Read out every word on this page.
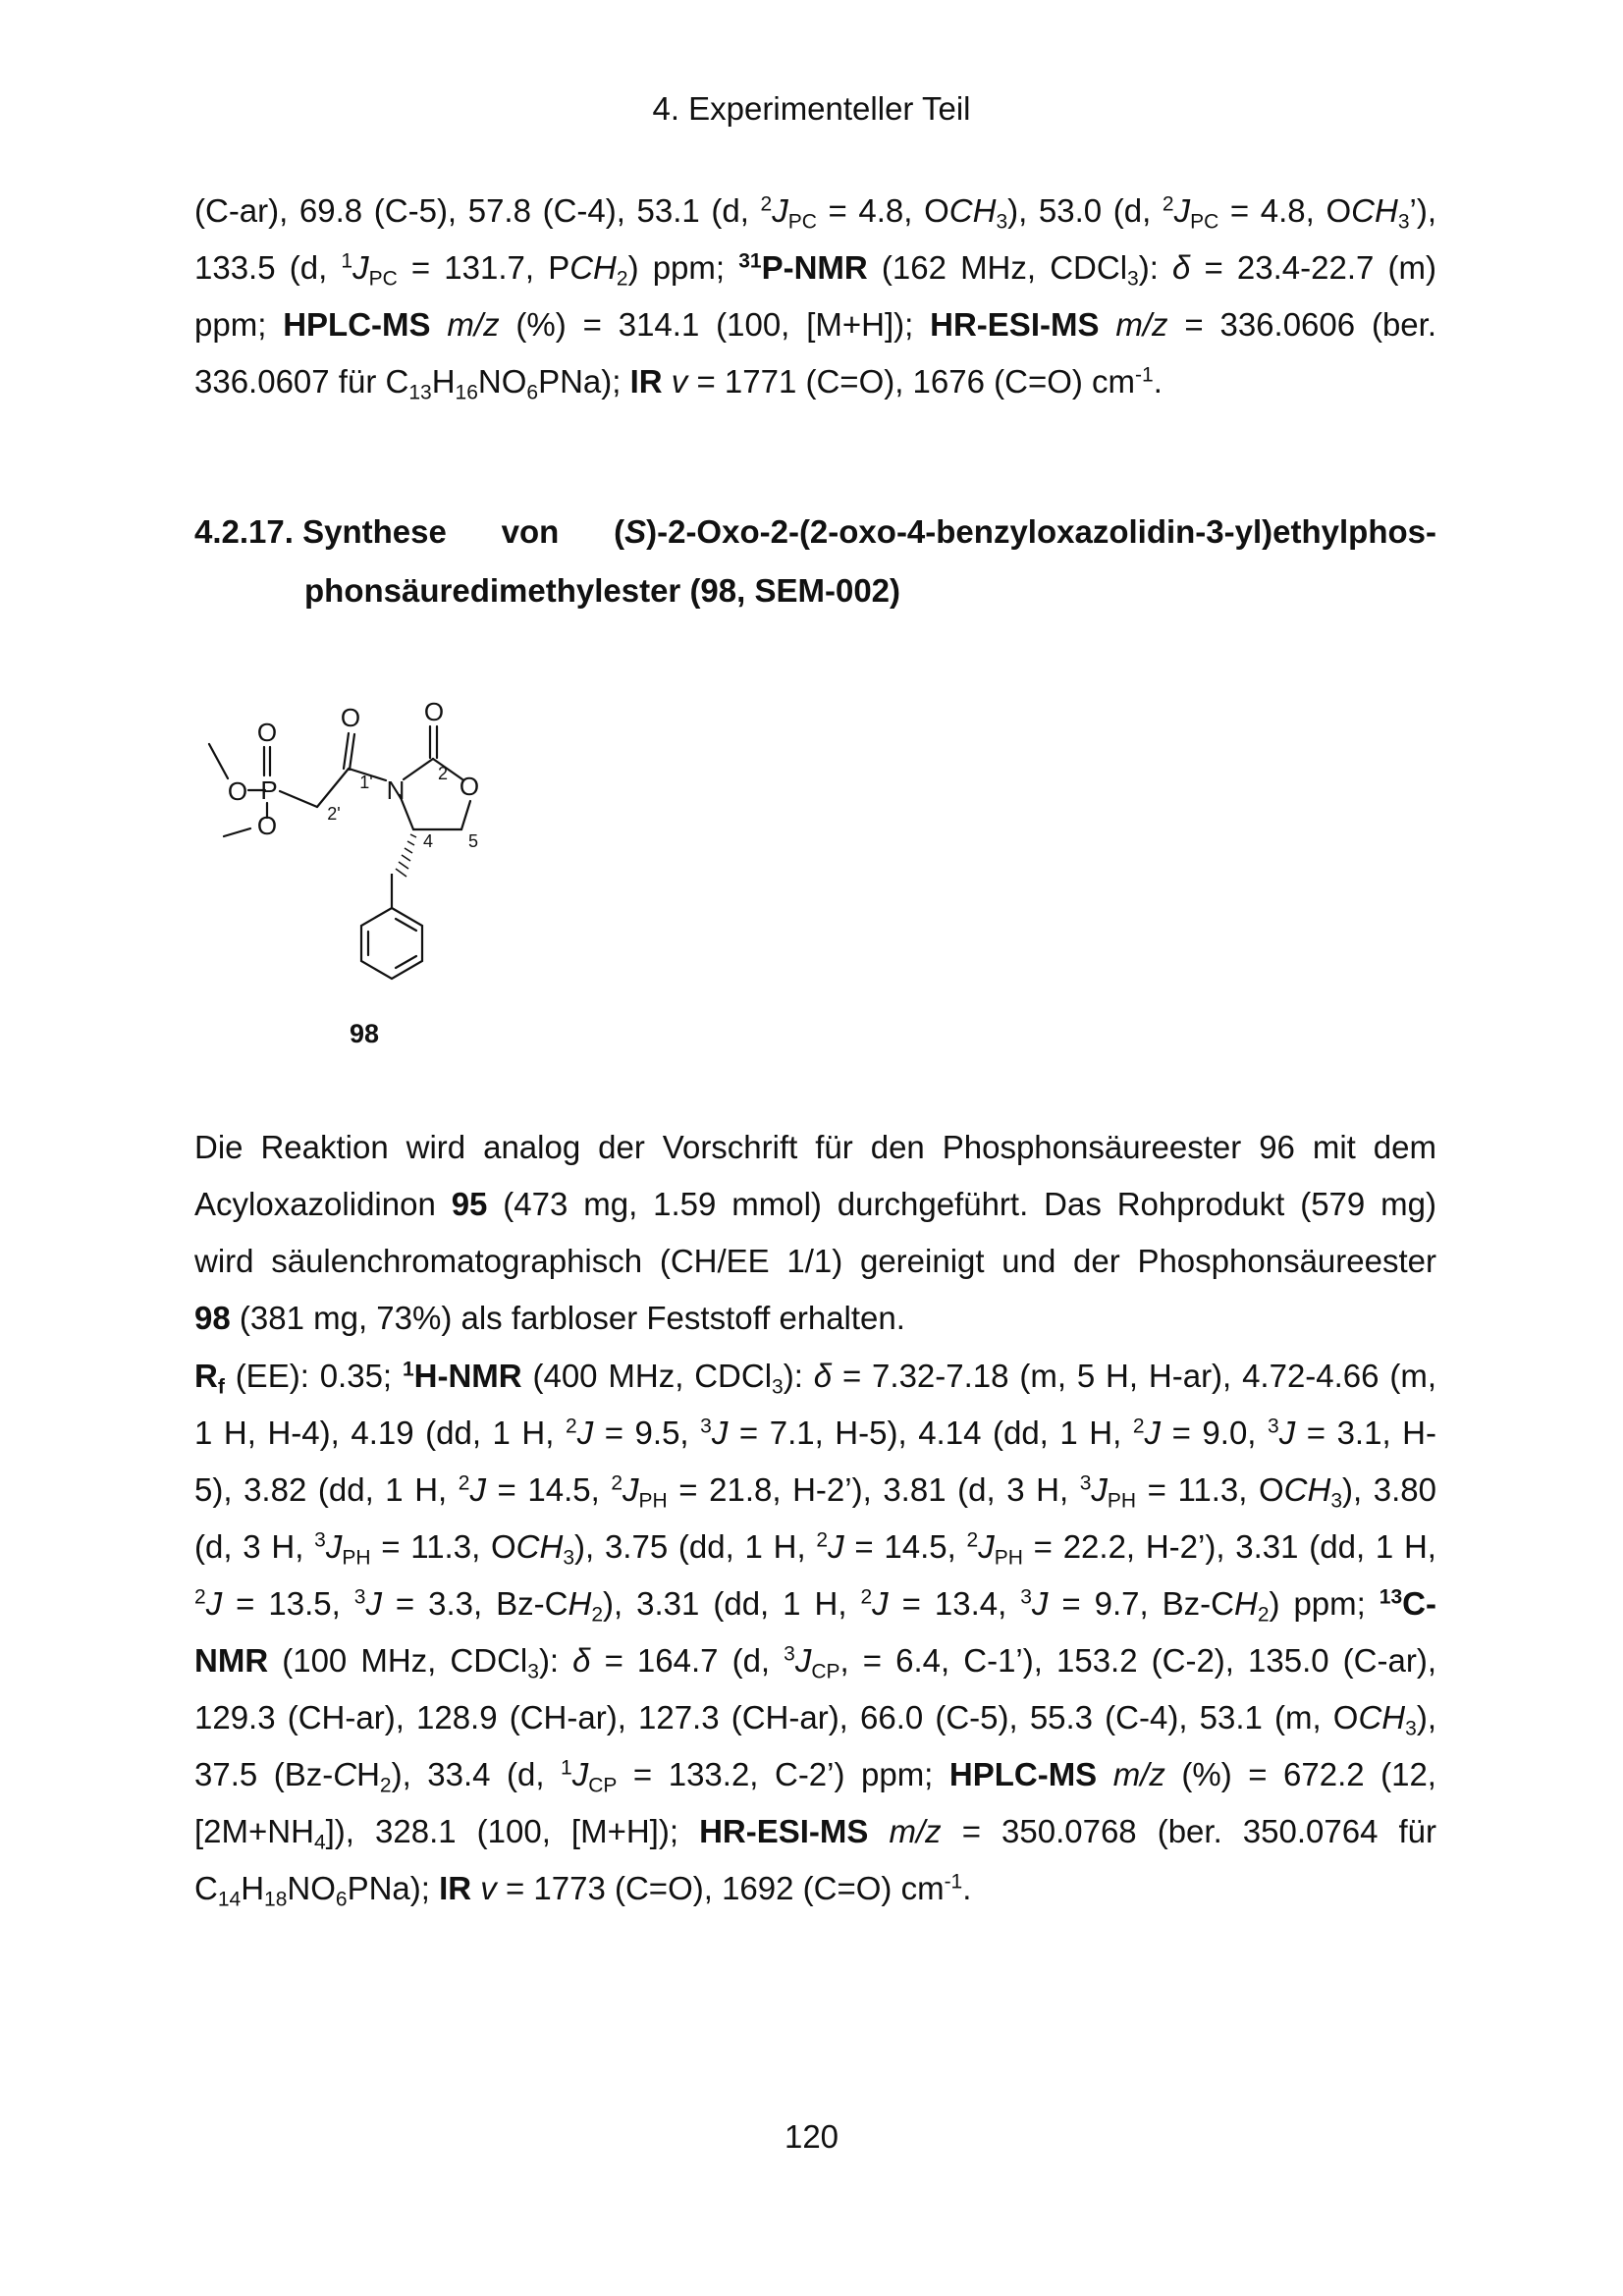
4. Experimenteller Teil
(C-ar), 69.8 (C-5), 57.8 (C-4), 53.1 (d, $^2J_{PC} = 4.8$, $OCH_3$), 53.0 (d, $^2J_{PC} = 4.8$, $OCH_3$’),
133.5 (d, $^1J_{PC} = 131.7$, $PCH_2$) ppm; $^{31}$P-NMR (162 MHz, CDCl$_3$): δ = 23.4-22.7 (m)
ppm; HPLC-MS m/z (%) = 314.1 (100, [M+H]); HR-ESI-MS m/z = 336.0606 (ber.
336.0607 für $C_{13}H_{16}NO_6PNa$); IR v = 1771 (C=O), 1676 (C=O) $cm^{-1}$.
4.2.17. Synthese von (S)-2-Oxo-2-(2-oxo-4-benzyloxazolidin-3-yl)ethylphos-
phonsäuredimethylester (98, SEM-002)
O O O
O
O
O
P	N
2
1'
2'
4 5
98
Die Reaktion wird analog der Vorschrift für den Phosphonsäureester 96 mit dem
Acyloxazolidinon 95 (473 mg, 1.59 mmol) durchgeführt. Das Rohprodukt (579 mg)
wird säulenchromatographisch (CH/EE 1/1) gereinigt und der Phosphonsäureester
98 (381 mg, 73%) als farbloser Feststoff erhalten.
$R_f$ (EE): 0.35; $^1$H-NMR (400 MHz, CDCl$_3$): δ = 7.32-7.18 (m, 5 H, H-ar), 4.72-4.66 (m,
1 H, H-4), 4.19 (dd, 1 H, $^2$J = 9.5, $^3$J = 7.1, H-5), 4.14 (dd, 1 H, $^2$J = 9.0, $^3$J = 3.1, H-
5), 3.82 (dd, 1 H, $^2$J = 14.5, $^2J_{PH} = 21.8$, H-2’), 3.81 (d, 3 H, $^3J_{PH} = 11.3$, $OCH_3$), 3.80
(d, 3 H, $^3J_{PH} = 11.3$, $OCH_3$), 3.75 (dd, 1 H, $^2$J = 14.5, $^2J_{PH} = 22.2$, H-2’), 3.31 (dd, 1 H,
$^2$J = 13.5, $^3$J = 3.3, $Bz-CH_2$), 3.31 (dd, 1 H, $^2$J = 13.4, $^3$J = 9.7, $Bz-CH_2$) ppm; $^{13}$C-
NMR (100 MHz, CDCl$_3$): δ = 164.7 (d, $^3J_{CP}$, = 6.4, C-1’), 153.2 (C-2), 135.0 (C-ar),
129.3 (CH-ar), 128.9 (CH-ar), 127.3 (CH-ar), 66.0 (C-5), 55.3 (C-4), 53.1 (m, $OCH_3$),
37.5 $(Bz-CH_2)$, 33.4 (d, $^1J_{CP} = 133.2$, C-2’) ppm; HPLC-MS m/z (%) = 672.2 (12,
$[2M+NH_4]$), 328.1 (100, [M+H]); HR-ESI-MS m/z = 350.0768 (ber. 350.0764 für
$C_{14}H_{18}NO_6PNa$); IR v = 1773 (C=O), 1692 (C=O) $cm^{-1}$.
120
